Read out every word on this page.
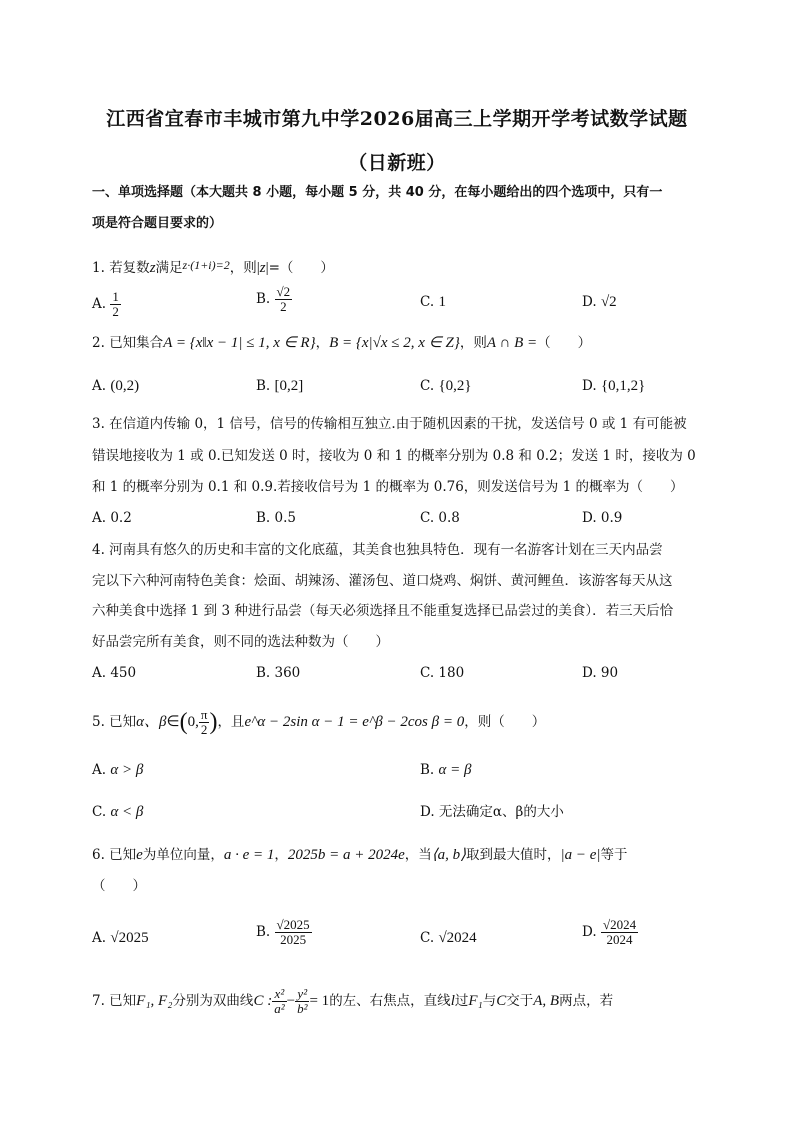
江西省宜春市丰城市第九中学2026届高三上学期开学考试数学试题
（日新班）
一、单项选择题（本大题共 8 小题，每小题 5 分，共 40 分，在每小题给出的四个选项中，只有一
项是符合题目要求的）
1. 若复数z满足z·(1+i)=2，则|z|=（　　）
A. $\frac{1}{2}$	B. $\frac{√2}{2}$	C. 1	D. √2
2. 已知集合A = {x‖x − 1| ≤ 1, x ∈ R}，B = {x|√x ≤ 2, x ∈ Z}，则A ∩ B =（　　）
A. (0,2)	B. [0,2]	C. {0,2}	D. {0,1,2}
3. 在信道内传输 0，1 信号，信号的传输相互独立.由于随机因素的干扰，发送信号 0 或 1 有可能被
错误地接收为 1 或 0.已知发送 0 时，接收为 0 和 1 的概率分别为 0.8 和 0.2；发送 1 时，接收为 0
和 1 的概率分别为 0.1 和 0.9.若接收信号为 1 的概率为 0.76，则发送信号为 1 的概率为（　　）
A. 0.2	B. 0.5	C. 0.8	D. 0.9
4. 河南具有悠久的历史和丰富的文化底蕴，其美食也独具特色．现有一名游客计划在三天内品尝
完以下六种河南特色美食：烩面、胡辣汤、灌汤包、道口烧鸡、焖饼、黄河鲤鱼．该游客每天从这
六种美食中选择 1 到 3 种进行品尝（每天必须选择且不能重复选择已品尝过的美食）．若三天后恰
好品尝完所有美食，则不同的选法种数为（　　）
A. 450	B. 360	C. 180	D. 90
5. 已知α、β∈(0, $\frac{\pi}{2}$ )，且e^α − 2sin α − 1 = e^β − 2cos β = 0，则（　　）
A. α > β	B. α = β
C. α < β	D. 无法确定α、β的大小
6. 已知e为单位向量，a · e = 1，2025b = a + 2024e，当⟨a, b⟩取到最大值时，|a − e|等于
（　　）
A. √2025	B. $\frac{√2025}{2025}$	C. √2024	D. $\frac{√2024}{2024}$
7. 已知F₁, F₂分别为双曲线C : $\frac{\text{x²}}{\text{a²}} - \frac{\text{y²}}{\text{b²}} = 1$的左、右焦点，直线l过F₁与C交于A, B两点，若
